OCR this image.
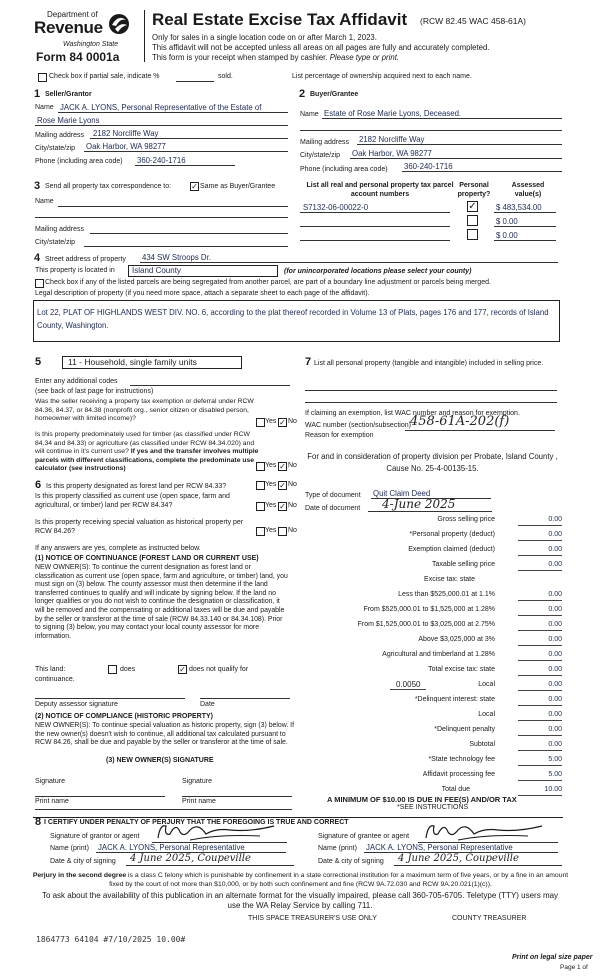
Department of
Revenue
Washington State
Form 84 0001a
Real Estate Excise Tax Affidavit (RCW 82.45 WAC 458-61A)
Only for sales in a single location code on or after March 1, 2023.
This affidavit will not be accepted unless all areas on all pages are fully and accurately completed.
This form is your receipt when stamped by cashier. Please type or print.
Check box if partial sale, indicate %	sold.	List percentage of ownership acquired next to each name.
1 Seller/Grantor
Name JACK A. LYONS, Personal Representative of the Estate of
Rose Marie Lyons
Mailing address 2182 Norcliffe Way
City/state/zip Oak Harbor, WA 98277
Phone (including area code) 360-240-1716
2 Buyer/Grantee
Name Estate of Rose Marie Lyons, Deceased.
Mailing address 2182 Norcliffe Way
City/state/zip Oak Harbor, WA 98277
Phone (including area code) 360-240-1716
3 Send all property tax correspondence to:	✓ Same as Buyer/Grantee
Name
Mailing address
City/state/zip
List all real and personal property tax parcel account numbers
Personal property?
Assessed value(s)
S7132-06-00022-0	✓ $ 483,534.00
$ 0.00
$ 0.00
4 Street address of property 434 SW Stroops Dr.
This property is located in Island County	(for unincorporated locations please select your county)
Check box if any of the listed parcels are being segregated from another parcel, are part of a boundary line adjustment or parcels being merged.
Legal description of property (if you need more space, attach a separate sheet to each page of the affidavit).
Lot 22, PLAT OF HIGHLANDS WEST DIV. NO. 6, according to the plat thereof recorded in Volume 13 of Plats, pages 176 and 177, records of Island County, Washington.
5	11 - Household, single family units
Enter any additional codes
(see back of last page for instructions)
Was the seller receiving a property tax exemption or deferral under RCW 84.36, 84.37, or 84.38 (nonprofit org., senior citizen or disabled person, homeowner with limited income)?	Yes ✓ No
Is this property predominately used for timber (as classified under RCW 84.34 and 84.33) or agriculture (as classified under RCW 84.34.020) and will continue in it's current use? If yes and the transfer involves multiple parcels with different classifications, complete the predominate use calculator (see instructions)	Yes ✓ No
6 Is this property designated as forest land per RCW 84.33?	Yes ✓ No
Is this property classified as current use (open space, farm and agricultural, or timber) land per RCW 84.34?	Yes ✓ No
Is this property receiving special valuation as historical property per RCW 84.26?	Yes No
If any answers are yes, complete as instructed below.
(1) NOTICE OF CONTINUANCE (FOREST LAND OR CURRENT USE)
NEW OWNER(S): To continue the current designation as forest land or classification as current use (open space, farm and agriculture, or timber) land, you must sign on (3) below. The county assessor must then determine if the land transferred continues to qualify and will indicate by signing below. If the land no longer qualifies or you do not wish to continue the designation or classification, it will be removed and the compensating or additional taxes will be due and payable by the seller or transferor at the time of sale (RCW 84.33.140 or 84.34.108). Prior to signing (3) below, you may contact your local county assessor for more information.
This land:	does	✓ does not qualify for
continuance.
Deputy assessor signature	Date
(2) NOTICE OF COMPLIANCE (HISTORIC PROPERTY)
NEW OWNER(S): To continue special valuation as historic property, sign (3) below. If the new owner(s) doesn't wish to continue, all additional tax calculated pursuant to RCW 84.26, shall be due and payable by the seller or transferor at the time of sale.
(3) NEW OWNER(S) SIGNATURE
Signature	Signature
Print name	Print name
7 List all personal property (tangible and intangible) included in selling price.
If claiming an exemption, list WAC number and reason for exemption.
WAC number (section/subsection) 458-61A-202(f)
Reason for exemption
For and in consideration of property division per Probate, Island County , Cause No. 25-4-00135-15.
Type of document Quit Claim Deed
Date of document 4-June 2025
Gross selling price	0.00
*Personal property (deduct)	0.00
Exemption claimed (deduct)	0.00
Taxable selling price	0.00
Excise tax: state
Less than $525,000.01 at 1.1%	0.00
From $525,000.01 to $1,525,000 at 1.28%	0.00
From $1,525,000.01 to $3,025,000 at 2.75%	0.00
Above $3,025,000 at 3%	0.00
Agricultural and timberland at 1.28%	0.00
Total excise tax: state	0.00
0.0050	Local	0.00
*Delinquent interest: state	0.00
Local	0.00
*Delinquent penalty	0.00
Subtotal	0.00
*State technology fee	5.00
Affidavit processing fee	5.00
Total due	10.00
A MINIMUM OF $10.00 IS DUE IN FEE(S) AND/OR TAX
*SEE INSTRUCTIONS
8 I CERTIFY UNDER PENALTY OF PERJURY THAT THE FOREGOING IS TRUE AND CORRECT
Signature of grantor or agent
Name (print) JACK A. LYONS, Personal Representative
Date & city of signing 4 June 2025, Coupeville
Signature of grantee or agent
Name (print) JACK A. LYONS, Personal Representative
Date & city of signing 4 June 2025, Coupeville
Perjury in the second degree is a class C felony which is punishable by confinement in a state correctional institution for a maximum term of five years, or by a fine in an amount fixed by the court of not more than $10,000, or by both such confinement and fine (RCW 9A.72.030 and RCW 9A.20.021(1)(c)).
To ask about the availability of this publication in an alternate format for the visually impaired, please call 360-705-6705. Teletype (TTY) users may use the WA Relay Service by calling 711.
THIS SPACE TREASURER'S USE ONLY	COUNTY TREASURER
1864773 64104 #7/10/2025 10.00#
Print on legal size paper
Page 1 of
